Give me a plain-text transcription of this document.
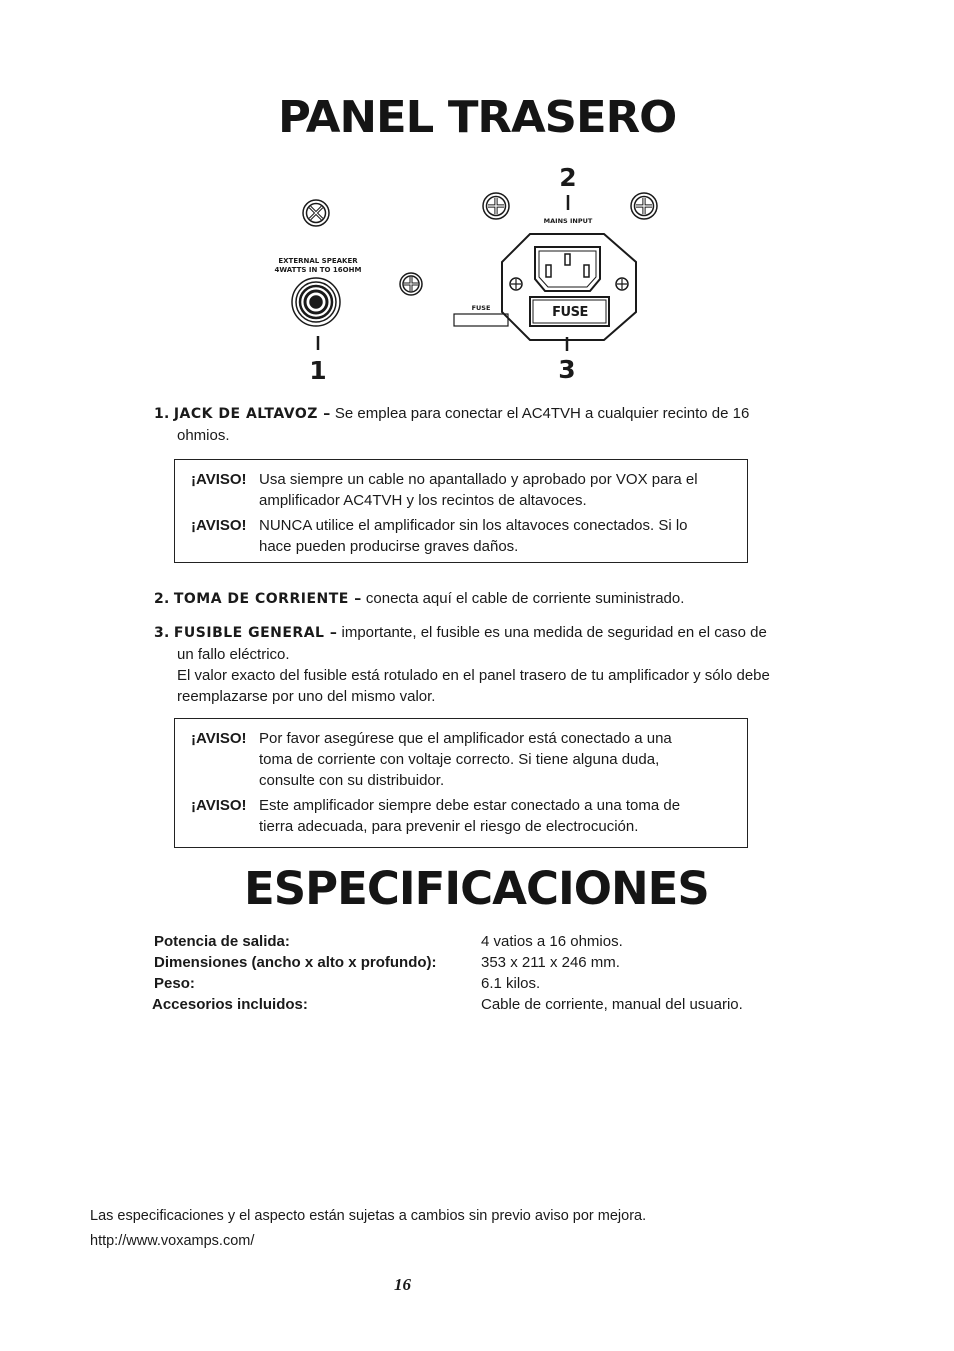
PANEL TRASERO
EXTERNAL SPEAKER
4WATTS IN TO 16OHM
MAINS INPUT
FUSE	FUSE
1
2
3
1. JACK DE ALTAVOZ – Se emplea para conectar el AC4TVH a cualquier recinto de 16
ohmios.
¡AVISO! Usa siempre un cable no apantallado y aprobado por VOX para el
amplificador AC4TVH y los recintos de altavoces.
¡AVISO! NUNCA utilice el amplificador sin los altavoces conectados. Si lo
hace pueden producirse graves daños.
2. TOMA DE CORRIENTE – conecta aquí el cable de corriente suministrado.
3. FUSIBLE GENERAL – importante, el fusible es una medida de seguridad en el caso de
un fallo eléctrico.
El valor exacto del fusible está rotulado en el panel trasero de tu amplificador y sólo debe
reemplazarse por uno del mismo valor.
¡AVISO! Por favor asegúrese que el amplificador está conectado a una
toma de corriente con voltaje correcto. Si tiene alguna duda,
consulte con su distribuidor.
¡AVISO! Este amplificador siempre debe estar conectado a una toma de
tierra adecuada, para prevenir el riesgo de electrocución.
ESPECIFICACIONES
Potencia de salida:	4 vatios a 16 ohmios.
Dimensiones (ancho x alto x profundo):	353 x 211 x 246 mm.
Peso:	6.1 kilos.
Accesorios incluidos:	Cable de corriente, manual del usuario.
Las especificaciones y el aspecto están sujetas a cambios sin previo aviso por mejora.
http://www.voxamps.com/
16
